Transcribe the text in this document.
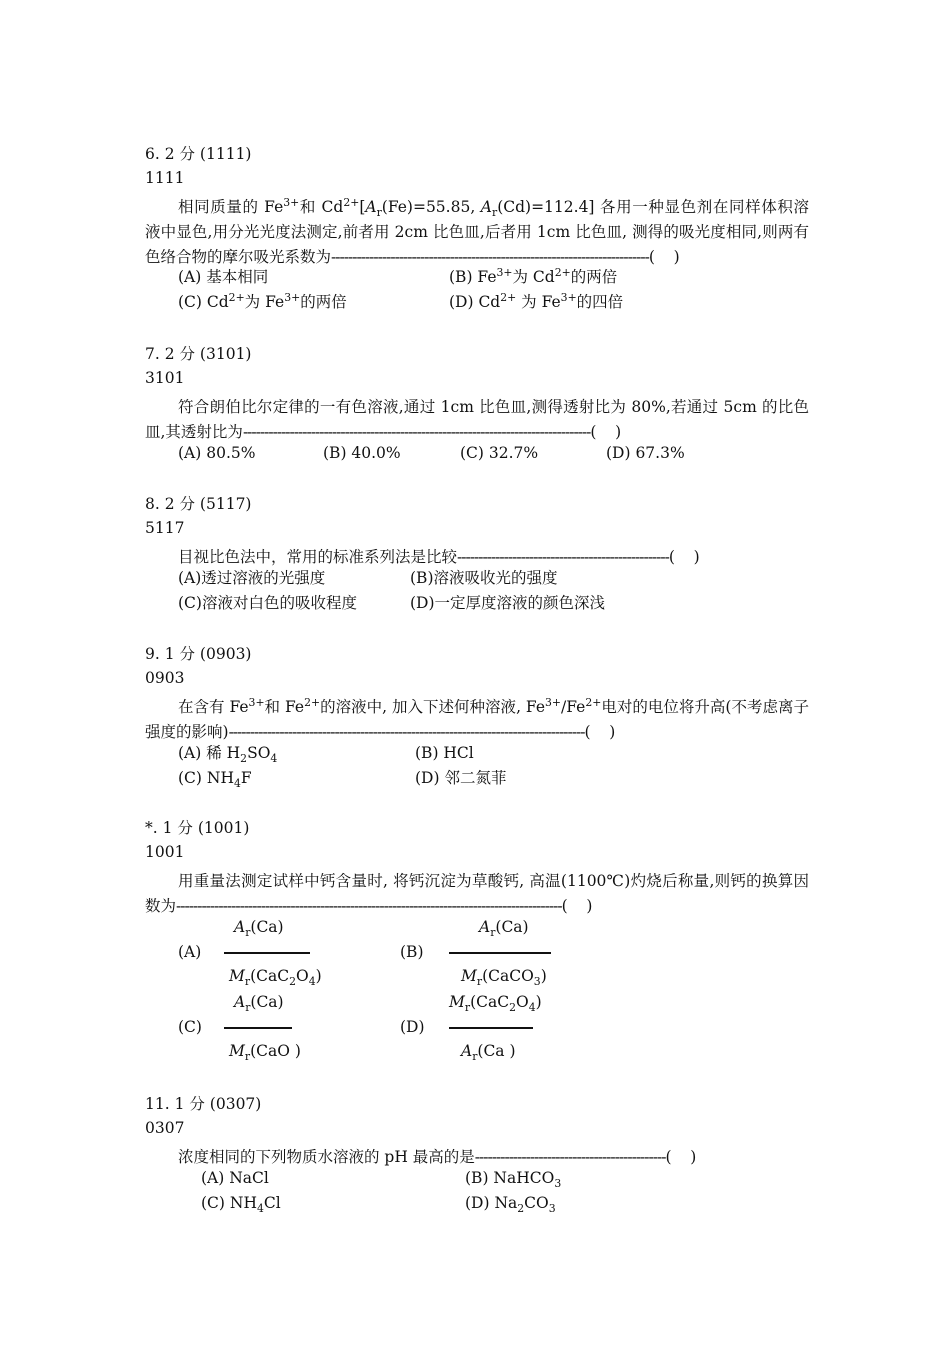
6. 2 分 (1111)
1111
相同质量的 $Fe^{3+}$和 $Cd^{2+}[A_r(Fe)=55.85$, $A_r(Cd)=112.4$] 各用一种显色剂在同样体积溶液中显色,用分光光度法测定,前者用 2cm 比色皿,后者用 1cm 比色皿, 测得的吸光度相同,则两有色络合物的摩尔吸光系数为---------------------------------------------------------------------------(    )
(A) 基本相同	(B) $Fe^{3+}$为 $Cd^{2+}$的两倍
(C) $Cd^{2+}$为 $Fe^{3+}$的两倍	(D) $Cd^{2+}$ 为 $Fe^{3+}$的四倍
7. 2 分 (3101)
3101
符合朗伯比尔定律的一有色溶液,通过 1cm 比色皿,测得透射比为 80%,若通过 5cm 的比色皿,其透射比为----------------------------------------------------------------------------------(    )
(A) 80.5%	(B) 40.0%	(C) 32.7%	(D) 67.3%
8. 2 分 (5117)
5117
目视比色法中，常用的标准系列法是比较--------------------------------------------------(    )
(A)透过溶液的光强度	(B)溶液吸收光的强度
(C)溶液对白色的吸收程度	(D)一定厚度溶液的颜色深浅
9. 1 分 (0903)
0903
在含有 $Fe^{3+}$和 $Fe^{2+}$的溶液中, 加入下述何种溶液, $Fe^{3+}/Fe^{2+}$电对的电位将升高(不考虑离子强度的影响)------------------------------------------------------------------------------------(    )
(A) 稀 $H_2SO_4$	(B) HCl
(C) $NH_4F$	(D) 邻二氮菲
*. 1 分 (1001)
1001
用重量法测定试样中钙含量时, 将钙沉淀为草酸钙, 高温(1100℃)灼烧后称量,则钙的换算因数为-------------------------------------------------------------------------------------------(    )
(A)
$A_r(Ca)$
$M_r(CaC_2O_4)$
(B)
$A_r(Ca)$
$M_r(CaCO_3)$
(C)
$A_r(Ca)$
$M_r(CaO$ )
(D)
$M_r(CaC_2O_4)$
$A_r(Ca$ )
11. 1 分 (0307)
0307
浓度相同的下列物质水溶液的 pH 最高的是---------------------------------------------(    )
(A) NaCl	(B) NaHCO$_3$
(C) $NH_4Cl$	(D) $Na_2CO_3$
